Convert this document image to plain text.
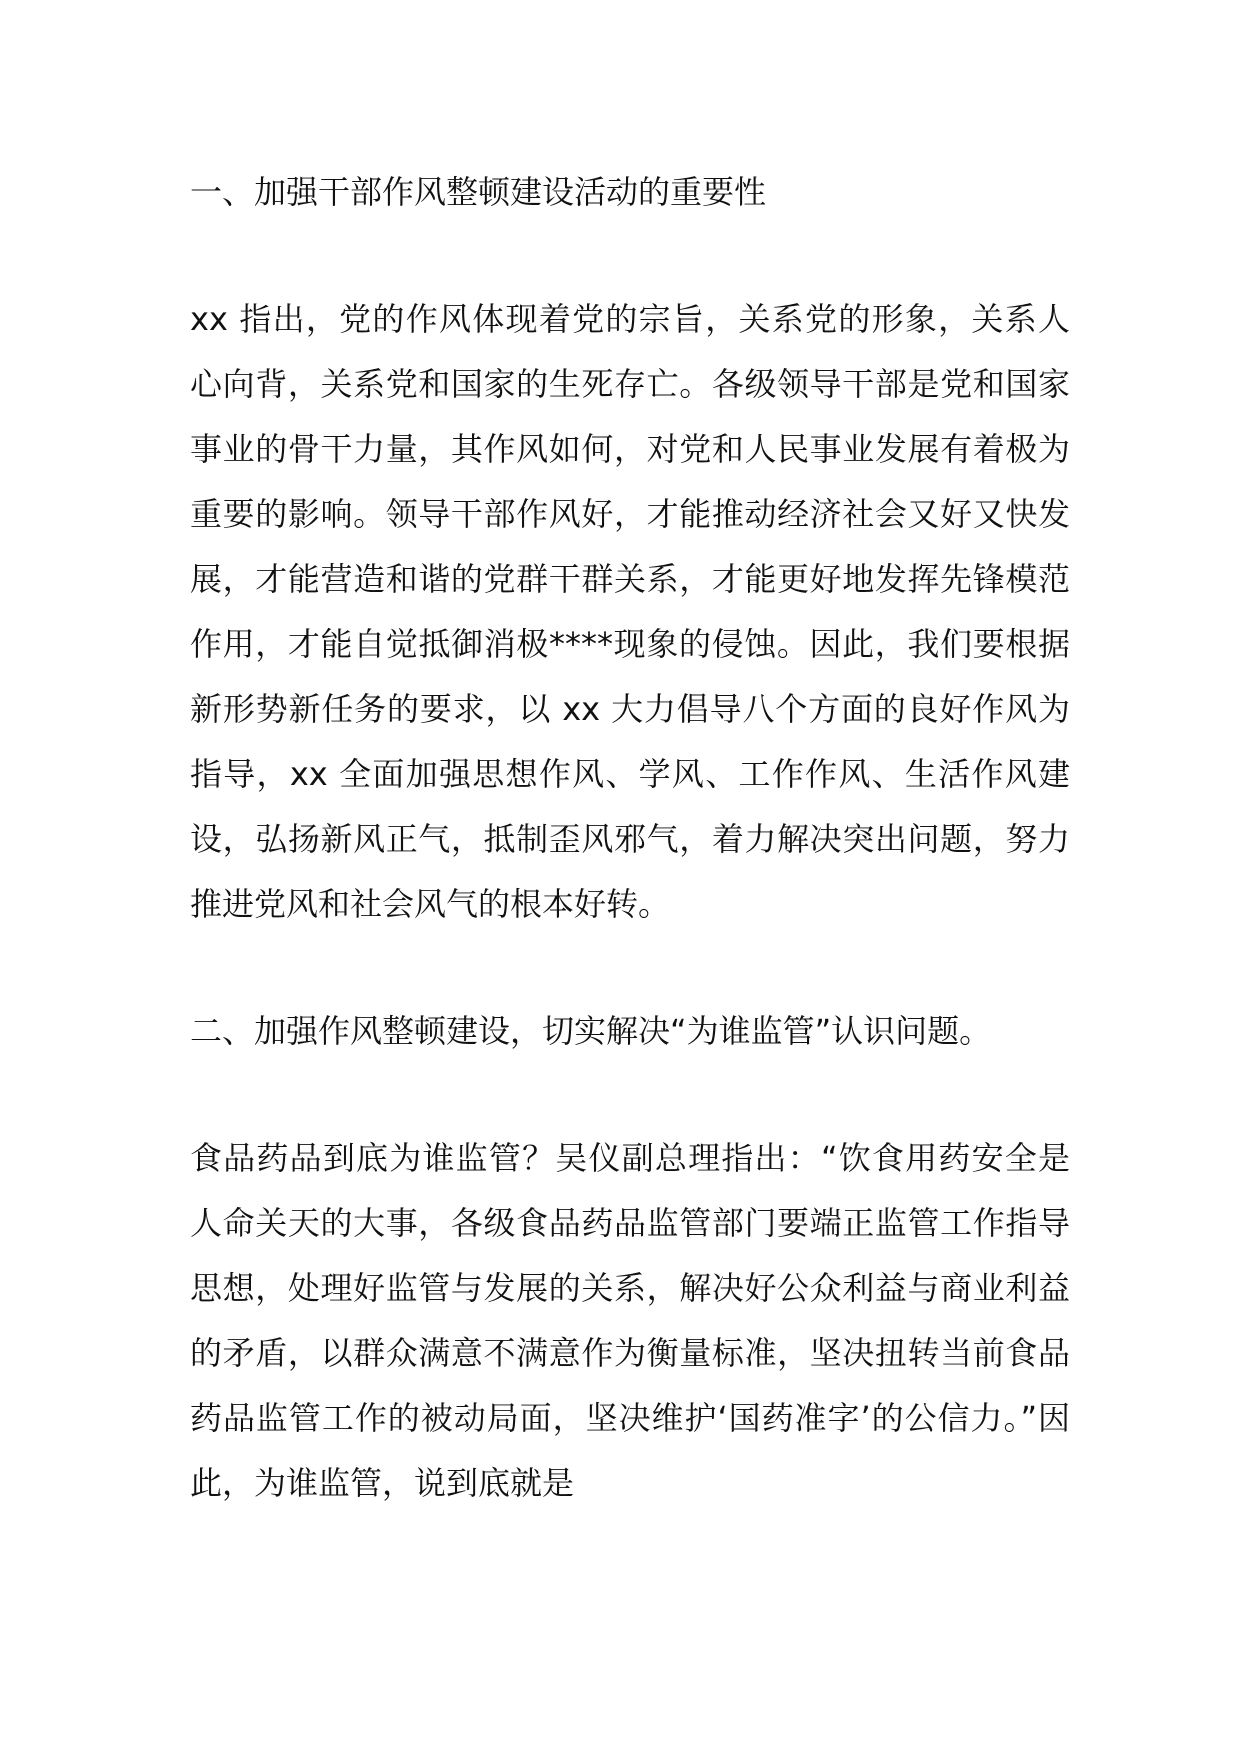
一、加强干部作风整顿建设活动的重要性

xx 指出，党的作风体现着党的宗旨，关系党的形象，关系人心向背，关系党和国家的生死存亡。各级领导干部是党和国家事业的骨干力量，其作风如何，对党和人民事业发展有着极为重要的影响。领导干部作风好，才能推动经济社会又好又快发展，才能营造和谐的党群干群关系，才能更好地发挥先锋模范作用，才能自觉抵御消极****现象的侵蚀。因此，我们要根据新形势新任务的要求，以 xx 大力倡导八个方面的良好作风为指导，xx 全面加强思想作风、学风、工作作风、生活作风建设，弘扬新风正气，抵制歪风邪气，着力解决突出问题，努力推进党风和社会风气的根本好转。

二、加强作风整顿建设，切实解决“为谁监管”认识问题。

食品药品到底为谁监管？吴仪副总理指出：“饮食用药安全是人命关天的大事，各级食品药品监管部门要端正监管工作指导思想，处理好监管与发展的关系，解决好公众利益与商业利益的矛盾，以群众满意不满意作为衡量标准，坚决扭转当前食品药品监管工作的被动局面，坚决维护‘国药准字’的公信力。”因此，为谁监管，说到底就是
